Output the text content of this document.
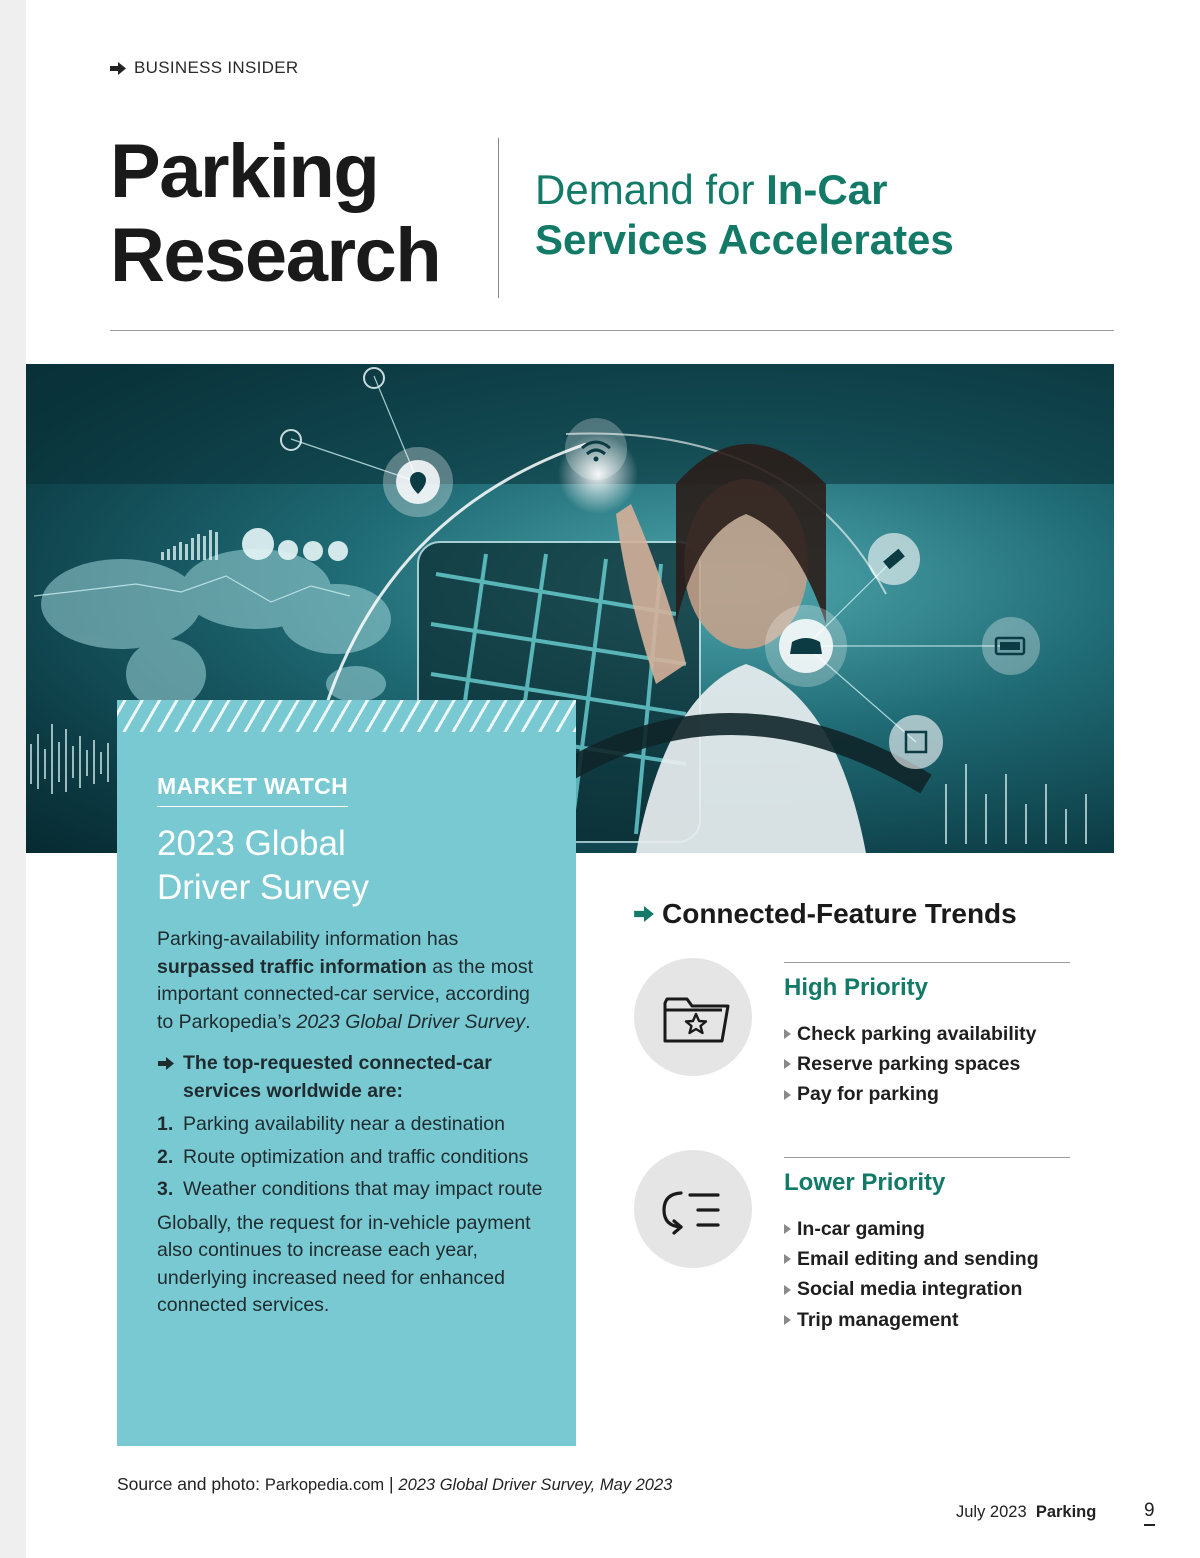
BUSINESS INSIDER
Parking
Research
Demand for In-Car
Services Accelerates
MARKET WATCH
2023 Global
Driver Survey

Parking-availability information has surpassed traffic information as the most important connected-car service, according to Parkopedia’s 2023 Global Driver Survey.

The top-requested connected-car services worldwide are:
1. Parking availability near a destination
2. Route optimization and traffic conditions
3. Weather conditions that may impact route

Globally, the request for in-vehicle payment also continues to increase each year, underlying increased need for enhanced connected services.

Connected-Feature Trends
High Priority
Check parking availability
Reserve parking spaces
Pay for parking
Lower Priority
In-car gaming
Email editing and sending
Social media integration
Trip management
Source and photo: Parkopedia.com | 2023 Global Driver Survey, May 2023
July 2023 Parking	9
